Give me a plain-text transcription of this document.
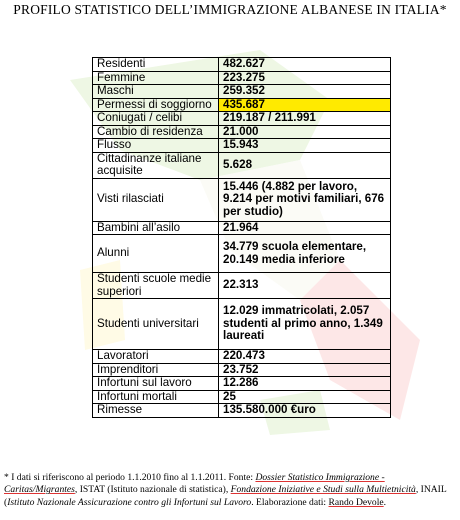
PROFILO STATISTICO DELL’IMMIGRAZIONE ALBANESE IN ITALIA*
Residenti	482.627
Femmine	223.275
Maschi	259.352
Permessi di soggiorno	435.687
Coniugati / celibi	219.187 / 211.991
Cambio di residenza	21.000
Flusso	15.943
Cittadinanze italiane acquisite	5.628
Visti rilasciati	15.446 (4.882 per lavoro, 9.214 per motivi familiari, 676 per studio)
Bambini all’asilo	21.964
Alunni	34.779 scuola elementare, 20.149 media inferiore
Studenti scuole medie superiori	22.313
Studenti universitari	12.029 immatricolati, 2.057 studenti al primo anno, 1.349 laureati
Lavoratori	220.473
Imprenditori	23.752
Infortuni sul lavoro	12.286
Infortuni mortali	25
Rimesse	135.580.000 €uro
* I dati si riferiscono al periodo 1.1.2010 fino al 1.1.2011. Fonte: Dossier Statistico Immigrazione - Caritas/Migrantes, ISTAT (Istituto nazionale di statistica), Fondazione Iniziative e Studi sulla Multietnicità, INAIL (Istituto Nazionale Assicurazione contro gli Infortuni sul Lavoro. Elaborazione dati: Rando Devole.
